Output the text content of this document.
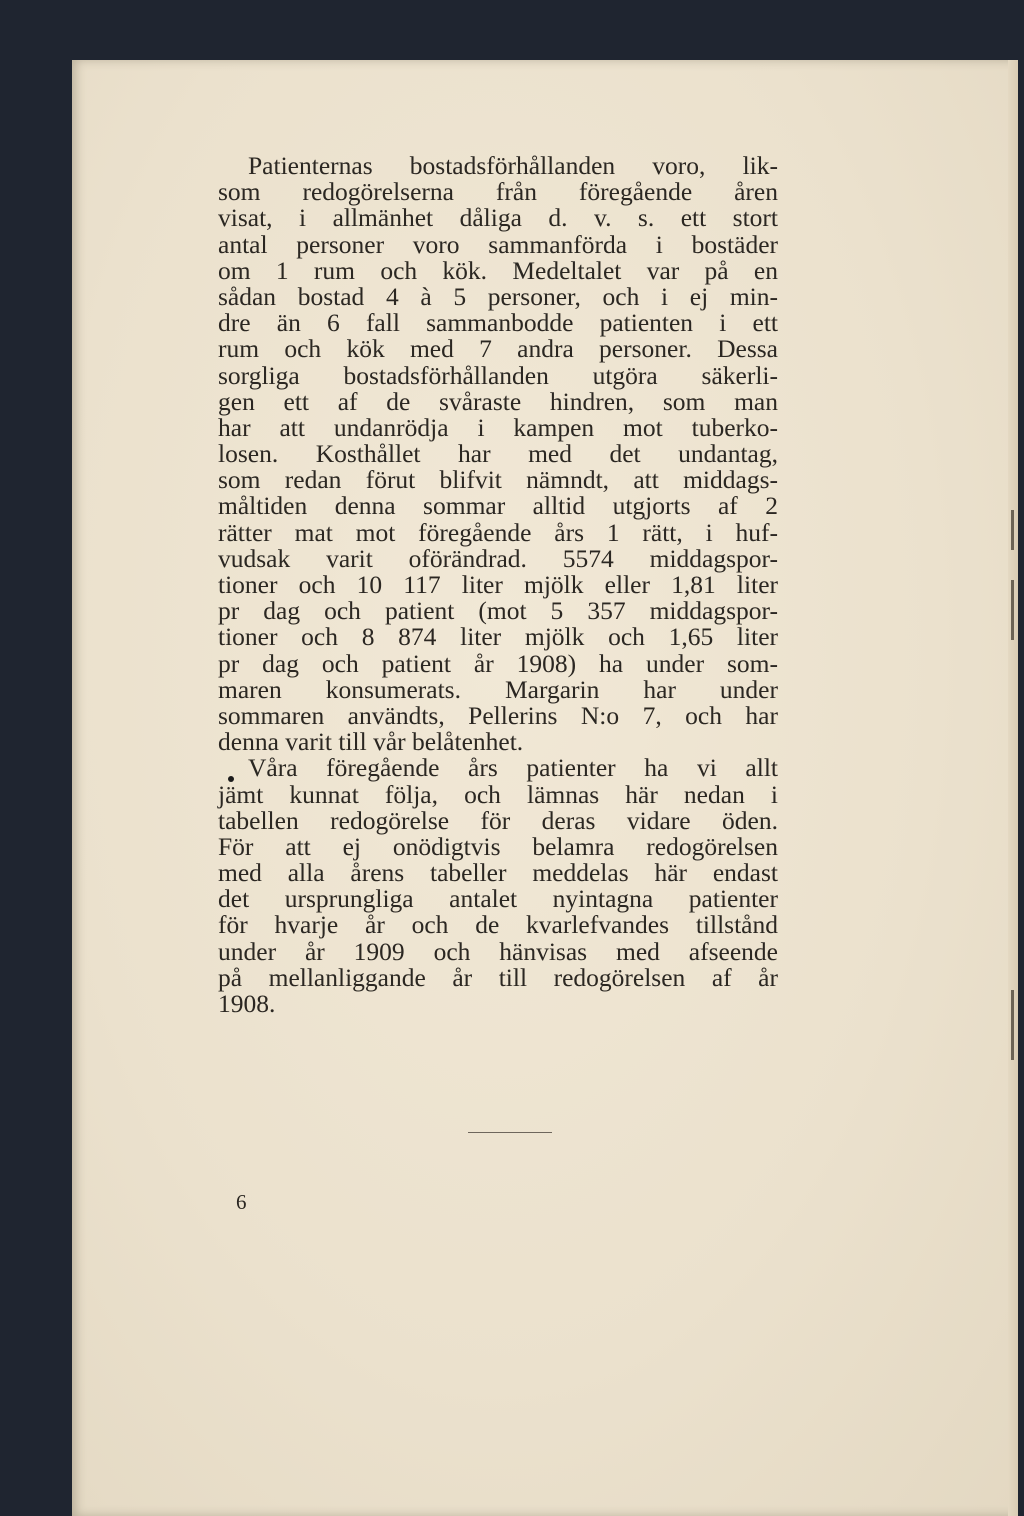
Patienternas bostadsförhållanden voro, lik-
som redogörelserna från föregående åren
visat, i allmänhet dåliga d. v. s. ett stort
antal personer voro sammanförda i bostäder
om 1 rum och kök. Medeltalet var på en
sådan bostad 4 à 5 personer, och i ej min-
dre än 6 fall sammanbodde patienten i ett
rum och kök med 7 andra personer. Dessa
sorgliga bostadsförhållanden utgöra säkerli-
gen ett af de svåraste hindren, som man
har att undanrödja i kampen mot tuberko-
losen. Kosthållet har med det undantag,
som redan förut blifvit nämndt, att middags-
måltiden denna sommar alltid utgjorts af 2
rätter mat mot föregående års 1 rätt, i huf-
vudsak varit oförändrad. 5574 middagspor-
tioner och 10 117 liter mjölk eller 1,81 liter
pr dag och patient (mot 5 357 middagspor-
tioner och 8 874 liter mjölk och 1,65 liter
pr dag och patient år 1908) ha under som-
maren konsumerats. Margarin har under
sommaren användts, Pellerins N:o 7, och har
denna varit till vår belåtenhet.
Våra föregående års patienter ha vi allt
jämt kunnat följa, och lämnas här nedan i
tabellen redogörelse för deras vidare öden.
För att ej onödigtvis belamra redogörelsen
med alla årens tabeller meddelas här endast
det ursprungliga antalet nyintagna patienter
för hvarje år och de kvarlefvandes tillstånd
under år 1909 och hänvisas med afseende
på mellanliggande år till redogörelsen af år
1908.
6
